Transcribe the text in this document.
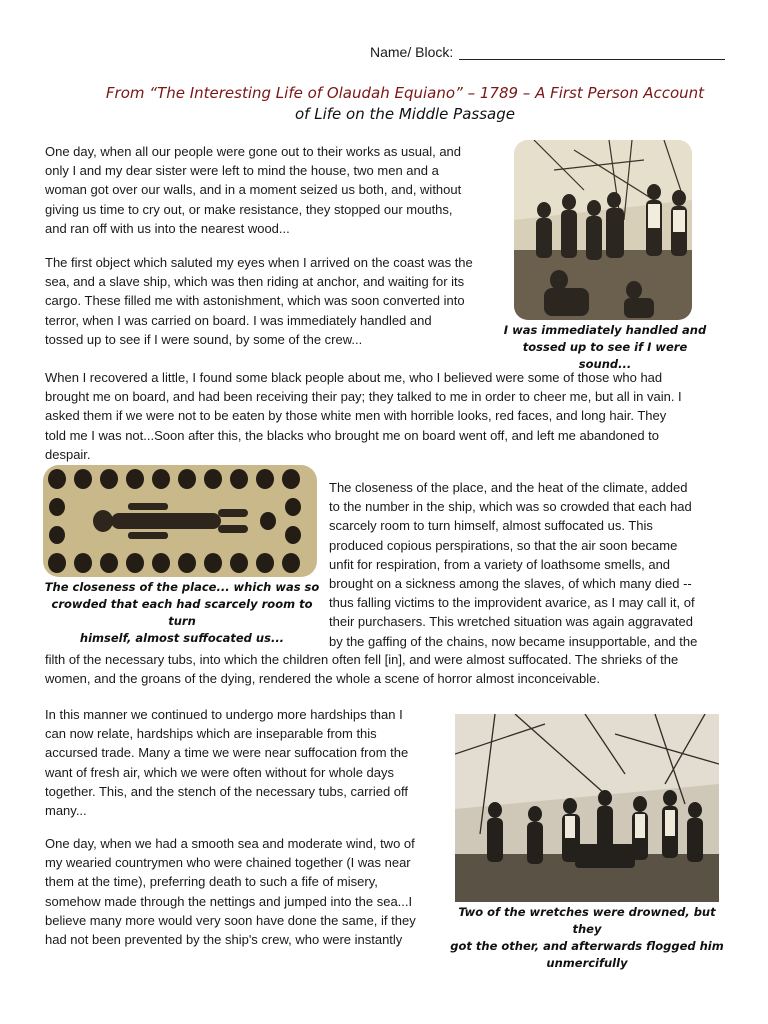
Name/ Block:
From “The Interesting Life of Olaudah Equiano” – 1789 – A First Person Account
of Life on the Middle Passage
One day, when all our people were gone out to their works as usual, and
only I and my dear sister were left to mind the house, two men and a
woman got over our walls, and in a moment seized us both, and, without
giving us time to cry out, or make resistance, they stopped our mouths,
and ran off with us into the nearest wood...
The first object which saluted my eyes when I arrived on the coast was the
sea, and a slave ship, which was then riding at anchor, and waiting for its
cargo. These filled me with astonishment, which was soon converted into
terror, when I was carried on board. I was immediately handled and
tossed up to see if I were sound, by some of the crew...
I was immediately handled and
tossed up to see if I were sound...
When I recovered a little, I found some black people about me, who I believed were some of those who had
brought me on board, and had been receiving their pay; they talked to me in order to cheer me, but all in vain. I
asked them if we were not to be eaten by those white men with horrible looks, red faces, and long hair. They
told me I was not...Soon after this, the blacks who brought me on board went off, and left me abandoned to
despair.
The closeness of the place... which was so
crowded that each had scarcely room to turn
himself, almost suffocated us...
The closeness of the place, and the heat of the climate, added
to the number in the ship, which was so crowded that each had
scarcely room to turn himself, almost suffocated us. This
produced copious perspirations, so that the air soon became
unfit for respiration, from a variety of loathsome smells, and
brought on a sickness among the slaves, of which many died --
thus falling victims to the improvident avarice, as I may call it, of
their purchasers. This wretched situation was again aggravated
by the gaffing of the chains, now became insupportable, and the
filth of the necessary tubs, into which the children often fell [in], and were almost suffocated. The shrieks of the
women, and the groans of the dying, rendered the whole a scene of horror almost inconceivable.
In this manner we continued to undergo more hardships than I
can now relate, hardships which are inseparable from this
accursed trade. Many a time we were near suffocation from the
want of fresh air, which we were often without for whole days
together. This, and the stench of the necessary tubs, carried off
many...
One day, when we had a smooth sea and moderate wind, two of
my wearied countrymen who were chained together (I was near
them at the time), preferring death to such a fife of misery,
somehow made through the nettings and jumped into the sea...I
believe many more would very soon have done the same, if they
had not been prevented by the ship's crew, who were instantly
Two of the wretches were drowned, but they
got the other, and afterwards flogged him
unmercifully
